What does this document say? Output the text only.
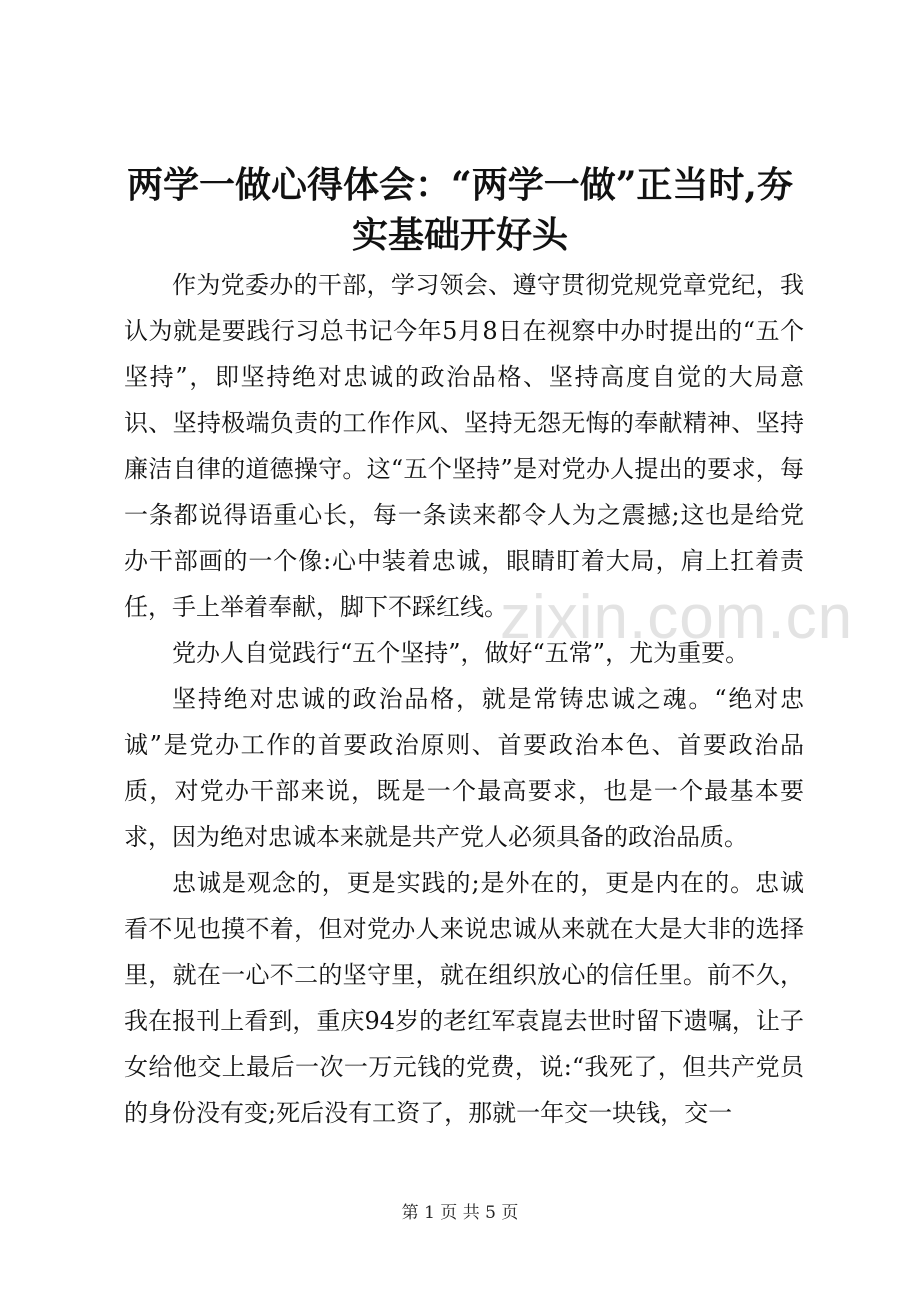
zixin.com.cn
两学一做心得体会：“两学一做”正当时,夯
实基础开好头

作为党委办的干部，学习领会、遵守贯彻党规党章党纪，我认为就是要践行习总书记今年5月8日在视察中办时提出的“五个坚持”，即坚持绝对忠诚的政治品格、坚持高度自觉的大局意识、坚持极端负责的工作作风、坚持无怨无悔的奉献精神、坚持廉洁自律的道德操守。这“五个坚持”是对党办人提出的要求，每一条都说得语重心长，每一条读来都令人为之震撼;这也是给党办干部画的一个像:心中装着忠诚，眼睛盯着大局，肩上扛着责任，手上举着奉献，脚下不踩红线。

党办人自觉践行“五个坚持”，做好“五常”，尤为重要。

坚持绝对忠诚的政治品格，就是常铸忠诚之魂。“绝对忠诚”是党办工作的首要政治原则、首要政治本色、首要政治品质，对党办干部来说，既是一个最高要求，也是一个最基本要求，因为绝对忠诚本来就是共产党人必须具备的政治品质。

忠诚是观念的，更是实践的;是外在的，更是内在的。忠诚看不见也摸不着，但对党办人来说忠诚从来就在大是大非的选择里，就在一心不二的坚守里，就在组织放心的信任里。前不久，我在报刊上看到，重庆94岁的老红军袁崑去世时留下遗嘱，让子女给他交上最后一次一万元钱的党费，说:“我死了，但共产党员的身份没有变;死后没有工资了，那就一年交一块钱，交一

第 1 页 共 5 页
